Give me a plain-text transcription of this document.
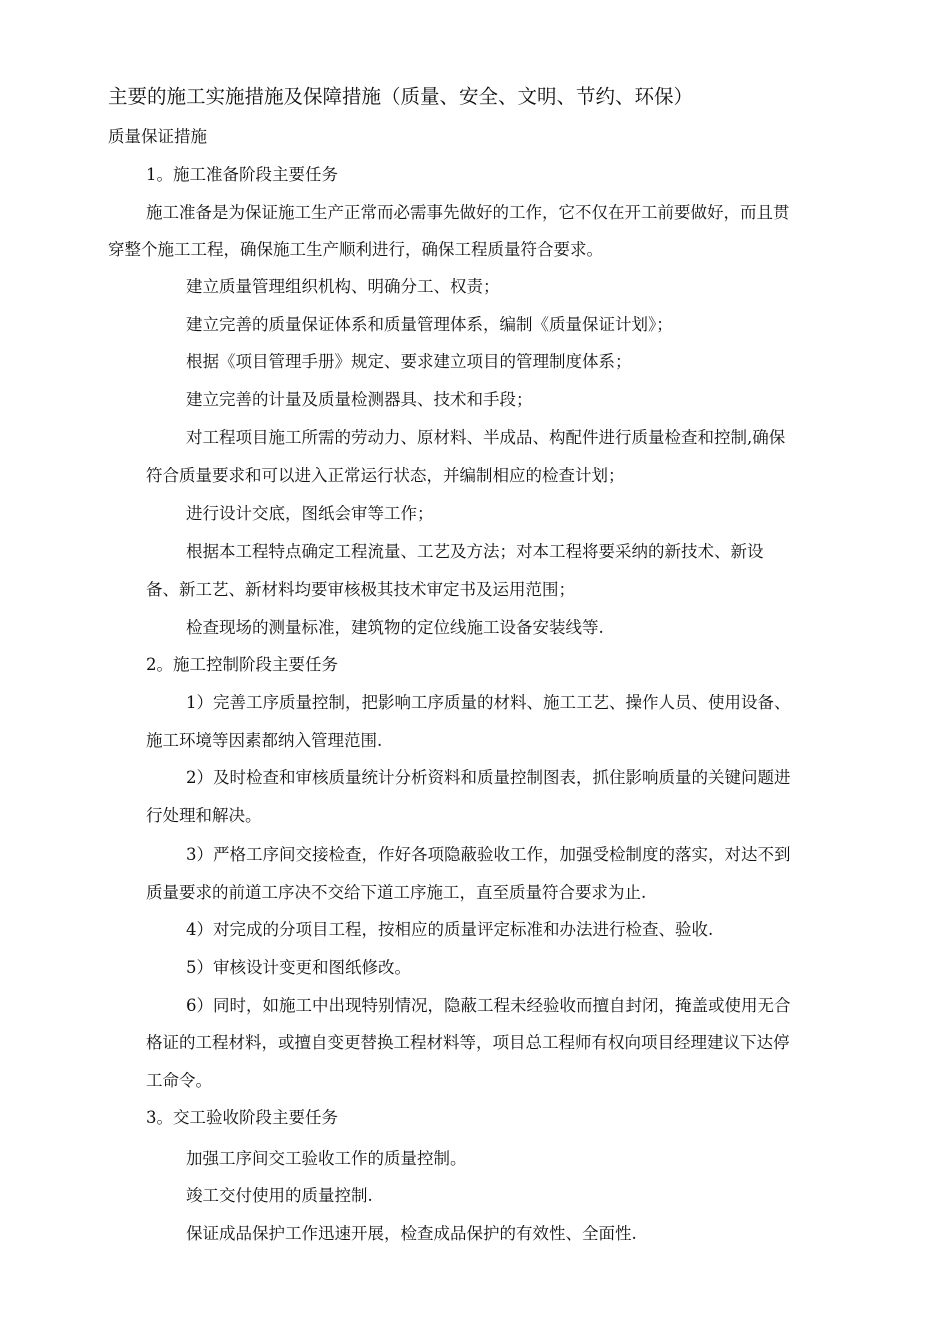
主要的施工实施措施及保障措施（质量、安全、文明、节约、环保）
质量保证措施
1。施工准备阶段主要任务
施工准备是为保证施工生产正常而必需事先做好的工作，它不仅在开工前要做好，而且贯
穿整个施工工程，确保施工生产顺利进行，确保工程质量符合要求。
建立质量管理组织机构、明确分工、权责；
建立完善的质量保证体系和质量管理体系，编制《质量保证计划》；
根据《项目管理手册》规定、要求建立项目的管理制度体系；
建立完善的计量及质量检测器具、技术和手段；
对工程项目施工所需的劳动力、原材料、半成品、构配件进行质量检查和控制,确保
符合质量要求和可以进入正常运行状态，并编制相应的检查计划；
进行设计交底，图纸会审等工作；
根据本工程特点确定工程流量、工艺及方法；对本工程将要采纳的新技术、新设
备、新工艺、新材料均要审核极其技术审定书及运用范围；
检查现场的测量标准，建筑物的定位线施工设备安装线等.
2。施工控制阶段主要任务
1）完善工序质量控制，把影响工序质量的材料、施工工艺、操作人员、使用设备、
施工环境等因素都纳入管理范围.
2）及时检查和审核质量统计分析资料和质量控制图表，抓住影响质量的关键问题进
行处理和解决。
3）严格工序间交接检查，作好各项隐蔽验收工作，加强受检制度的落实，对达不到
质量要求的前道工序决不交给下道工序施工，直至质量符合要求为止.
4）对完成的分项目工程，按相应的质量评定标准和办法进行检查、验收.
5）审核设计变更和图纸修改。
6）同时，如施工中出现特别情况，隐蔽工程未经验收而擅自封闭，掩盖或使用无合
格证的工程材料，或擅自变更替换工程材料等，项目总工程师有权向项目经理建议下达停
工命令。
3。交工验收阶段主要任务
加强工序间交工验收工作的质量控制。
竣工交付使用的质量控制.
保证成品保护工作迅速开展，检查成品保护的有效性、全面性.
